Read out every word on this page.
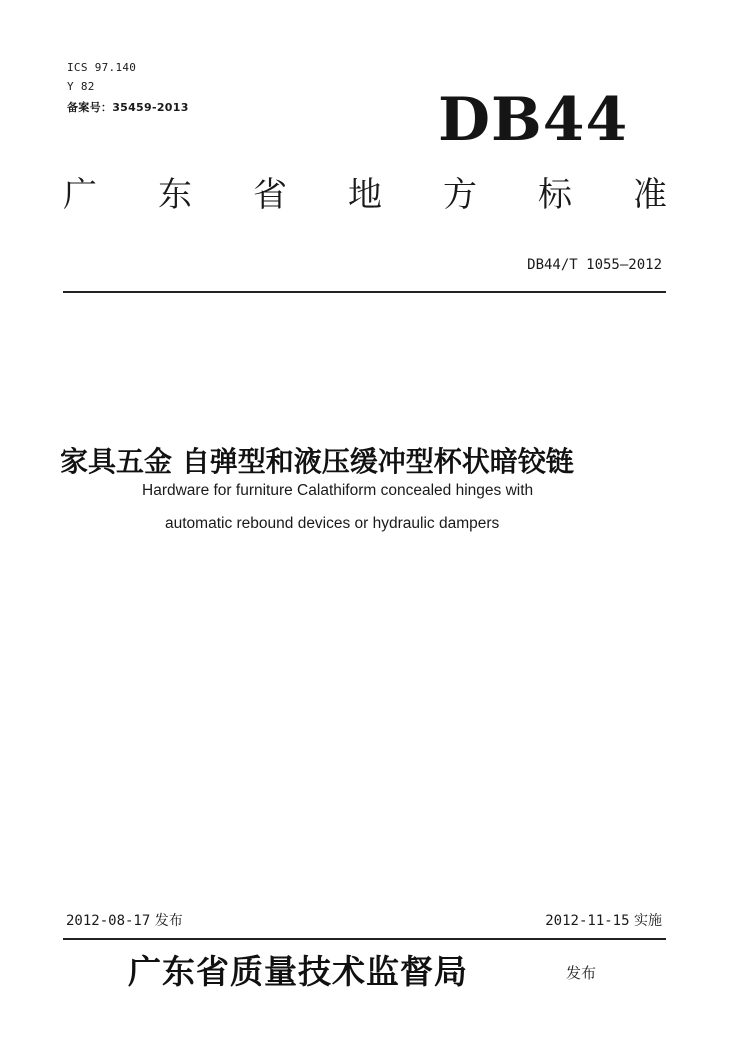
ICS 97.140
Y 82
备案号：35459-2013	DB44
广 东 省 地 方 标 准
DB44/T 1055—2012
家具五金 自弹型和液压缓冲型杯状暗铰链
Hardware for furniture Calathiform concealed hinges with
automatic rebound devices or hydraulic dampers
2012-08-17 发布	2012-11-15 实施
广东省质量技术监督局	发布
